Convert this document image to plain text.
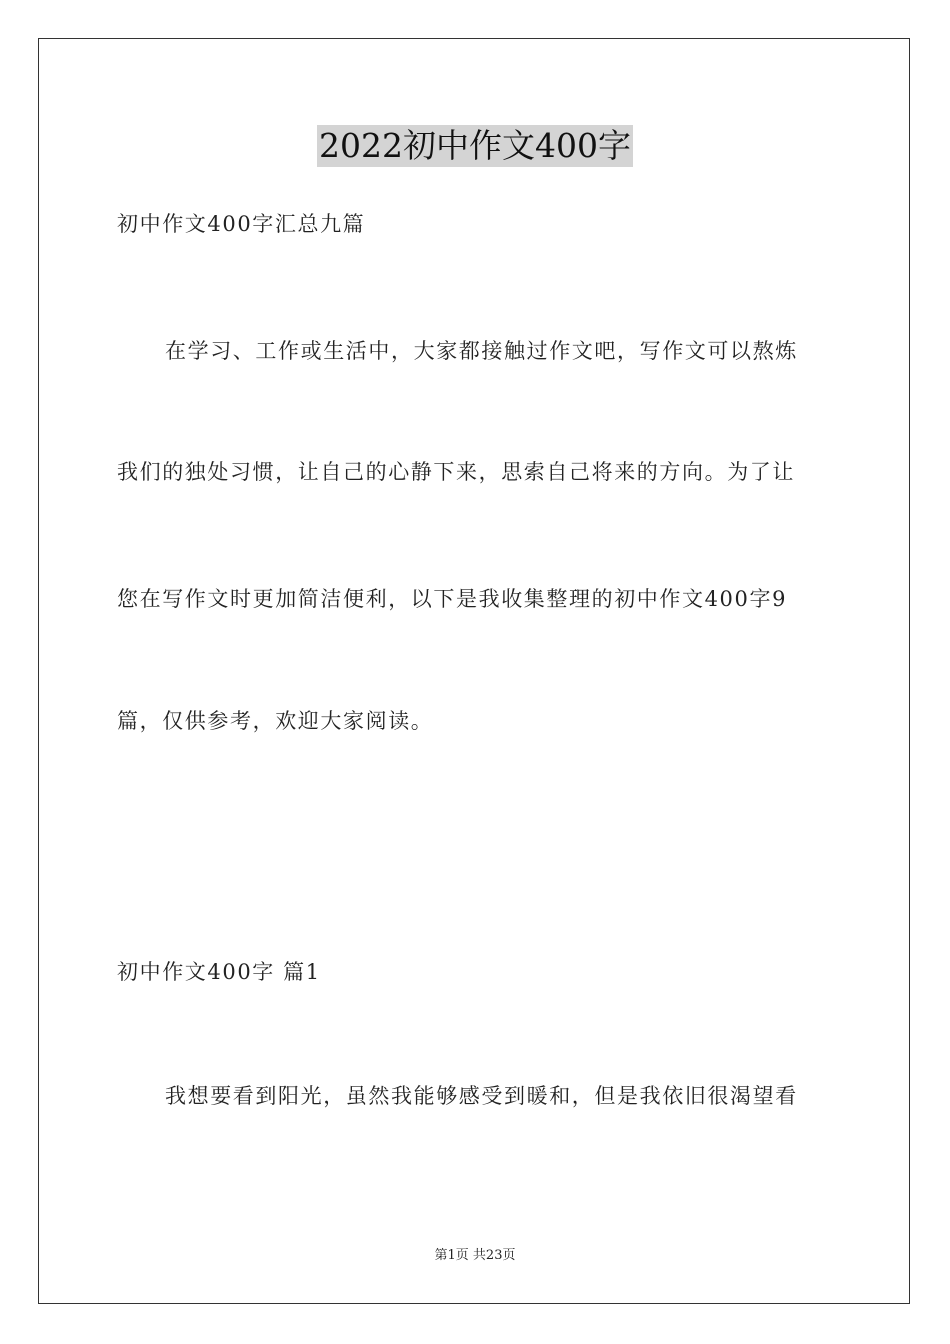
2022初中作文400字
初中作文400字汇总九篇
在学习、工作或生活中，大家都接触过作文吧，写作文可以熬炼
我们的独处习惯，让自己的心静下来，思索自己将来的方向。为了让
您在写作文时更加简洁便利，以下是我收集整理的初中作文400字9
篇，仅供参考，欢迎大家阅读。
初中作文400字 篇1
我想要看到阳光，虽然我能够感受到暖和，但是我依旧很渴望看
第1页 共23页
